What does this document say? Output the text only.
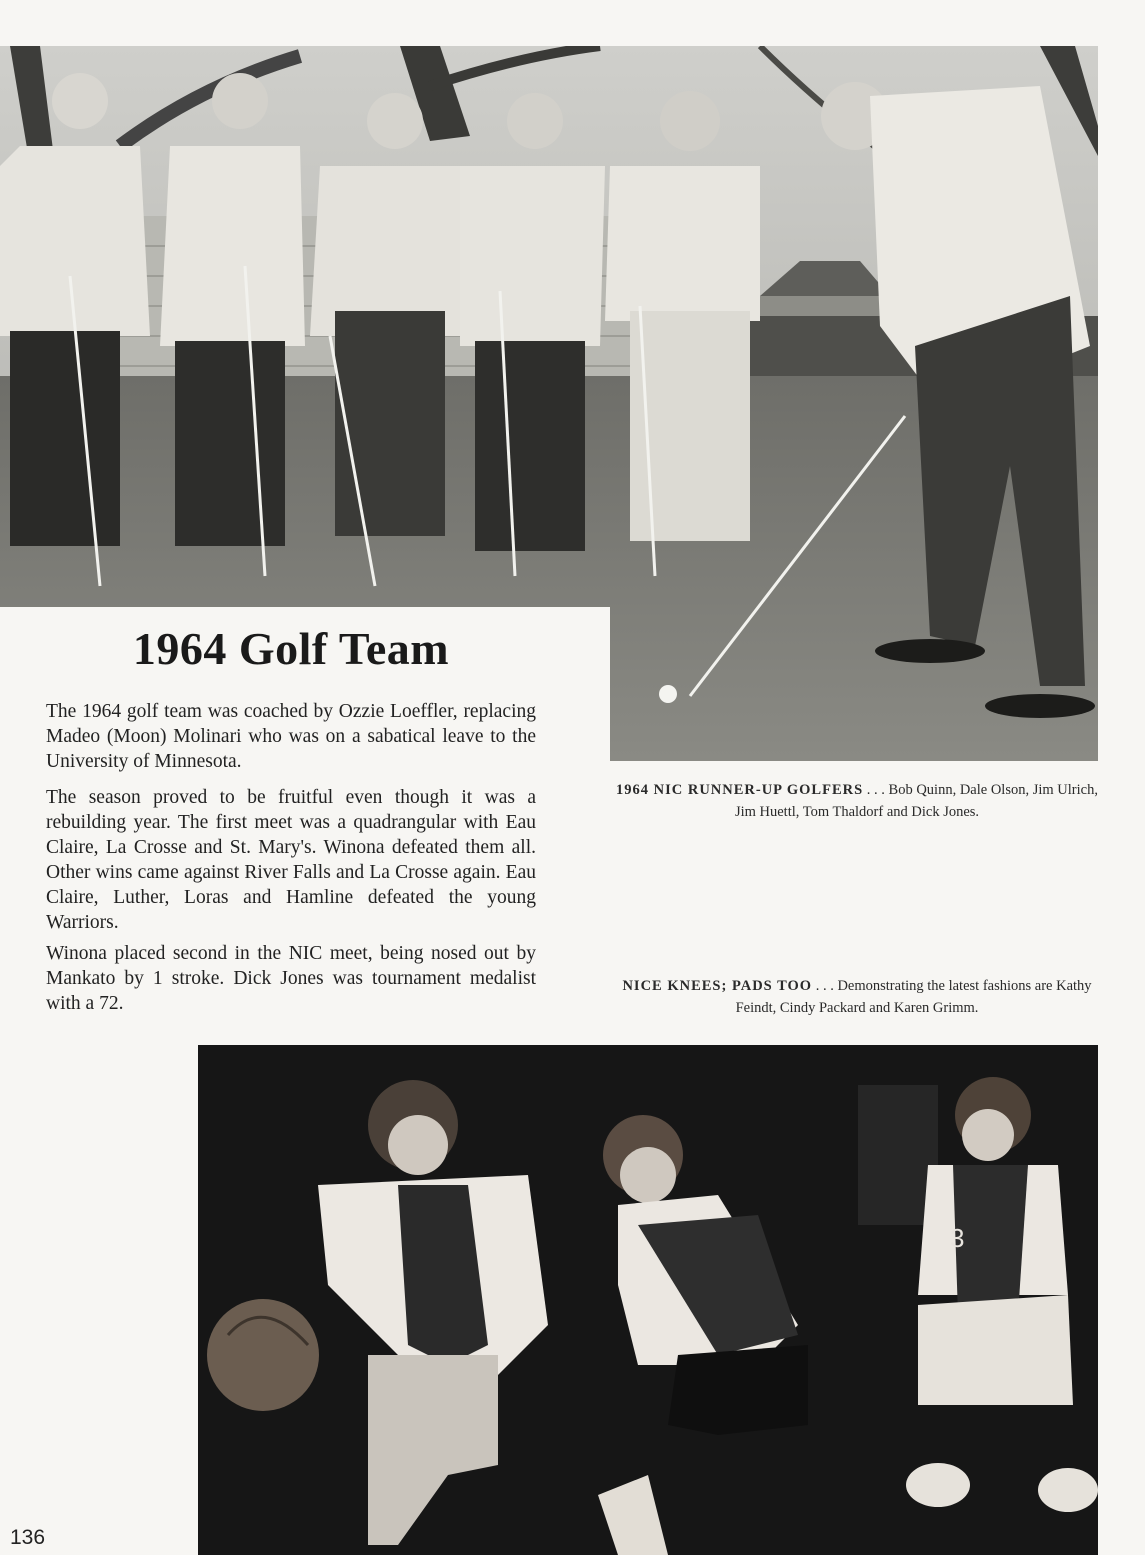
1964 Golf Team

The 1964 golf team was coached by Ozzie Loeffler, replacing Madeo (Moon) Molinari who was on a sabatical leave to the University of Minnesota.

The season proved to be fruitful even though it was a rebuilding year. The first meet was a quadrangular with Eau Claire, La Crosse and St. Mary's. Winona defeated them all. Other wins came against River Falls and La Crosse again. Eau Claire, Luther, Loras and Hamline defeated the young Warriors.

Winona placed second in the NIC meet, being nosed out by Mankato by 1 stroke. Dick Jones was tournament medalist with a 72.

1964 NIC RUNNER-UP GOLFERS . . . Bob Quinn, Dale Olson, Jim Ulrich, Jim Huettl, Tom Thaldorf and Dick Jones.

NICE KNEES; PADS TOO . . . Demonstrating the latest fashions are Kathy Feindt, Cindy Packard and Karen Grimm.

3

136
